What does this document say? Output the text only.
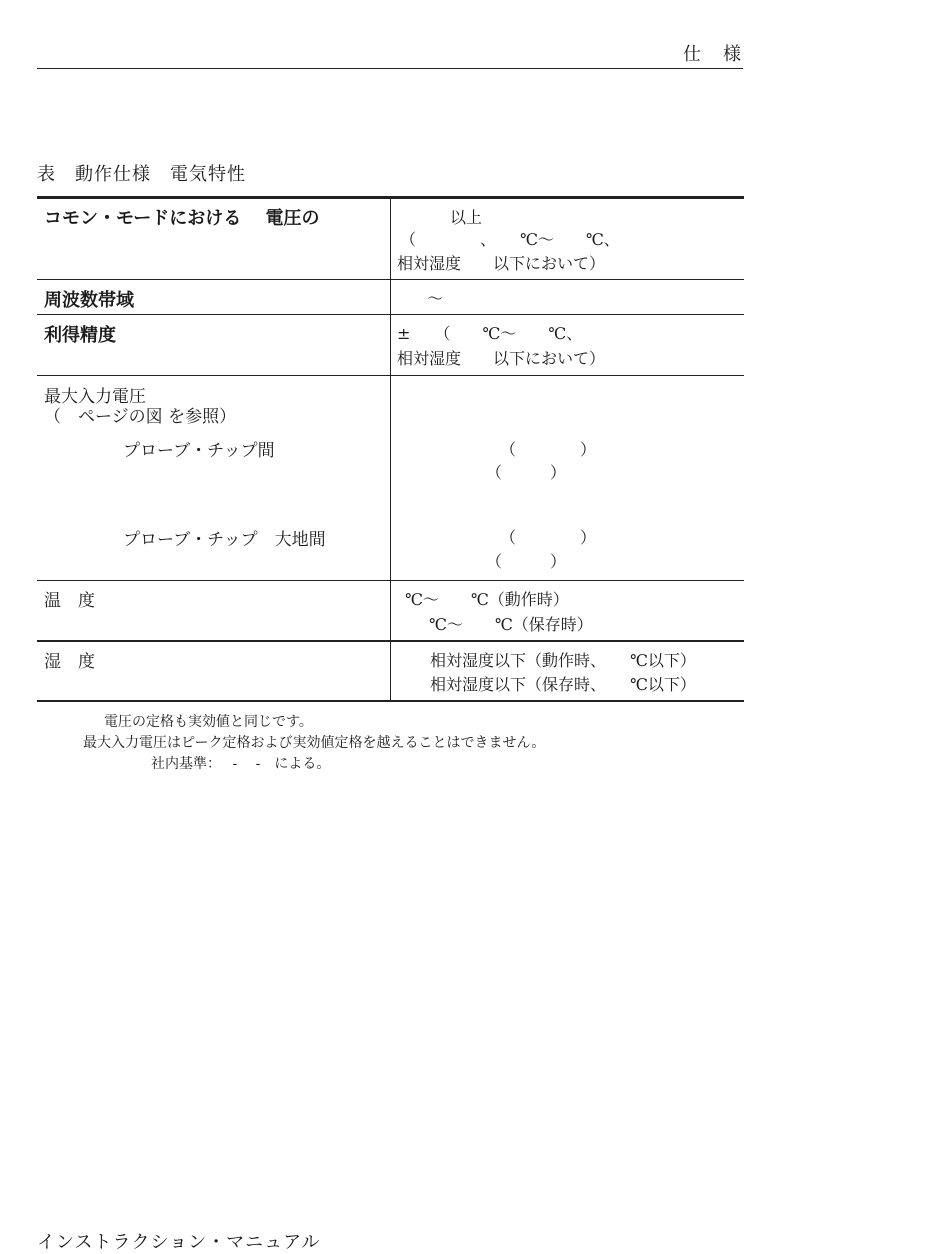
仕　様
表　動作仕様　電気特性
コモン・モードにおける　 電圧の	以上
（　　　　、　　℃～　　℃、
相対湿度　　以下において）
周波数帯域	～
利得精度	±　　（　　℃～　　℃、
相対湿度　　以下において）
最大入力電圧
（　ページの図 を参照）
プローブ・チップ間	（　　　　）
（　　　）
プローブ・チップ　大地間	（　　　　）
（　　　）
温　度	℃～　　℃（動作時）
℃～　　℃（保存時）
湿　度	相対湿度以下（動作時、　　℃以下）
相対湿度以下（保存時、　　℃以下）
電圧の定格も実効値と同じです。
最大入力電圧はピーク定格および実効値定格を越えることはできません。
社内基準：　 -　 -　による。
インストラクション・マニュアル
